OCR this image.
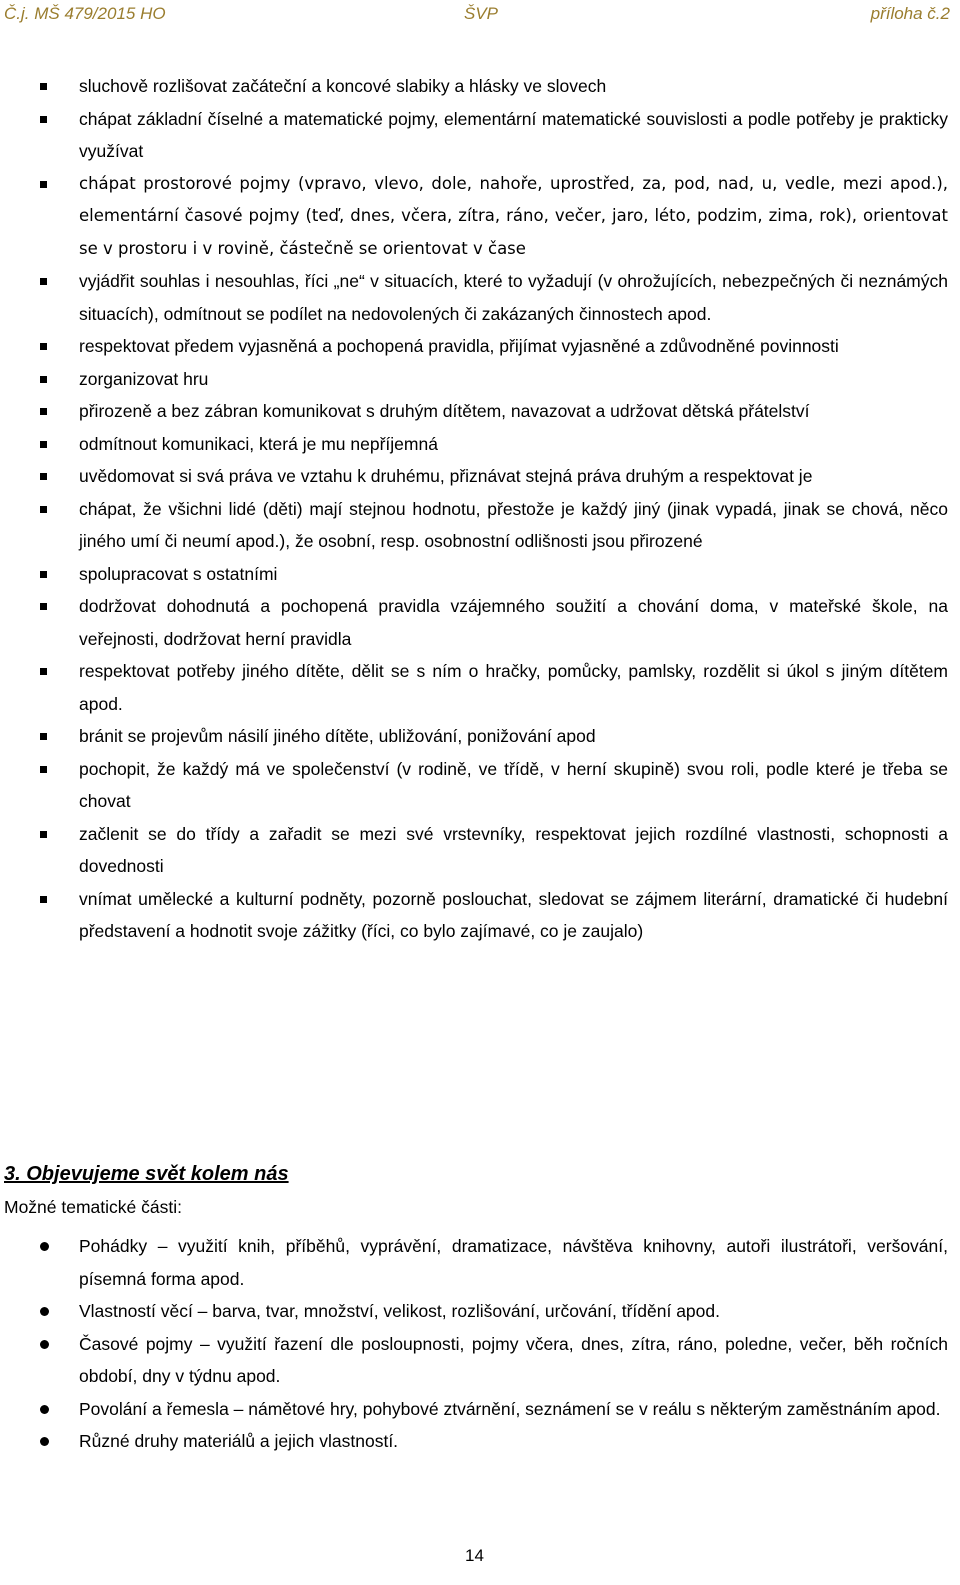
Č.j. MŠ 479/2015 HO	ŠVP	příloha č.2
sluchově rozlišovat začáteční a koncové slabiky a hlásky ve slovech
chápat základní číselné a matematické pojmy, elementární matematické souvislosti a podle potřeby je prakticky využívat
chápat prostorové pojmy (vpravo, vlevo, dole, nahoře, uprostřed, za, pod, nad, u, vedle, mezi apod.), elementární časové pojmy (teď, dnes, včera, zítra, ráno, večer, jaro, léto, podzim, zima, rok), orientovat se v prostoru i v rovině, částečně se orientovat v čase
vyjádřit souhlas i nesouhlas, říci „ne“ v situacích, které to vyžadují (v ohrožujících, nebezpečných či neznámých situacích), odmítnout se podílet na nedovolených či zakázaných činnostech apod.
respektovat předem vyjasněná a pochopená pravidla, přijímat vyjasněné a zdůvodněné povinnosti
zorganizovat hru
přirozeně a bez zábran komunikovat s druhým dítětem, navazovat a udržovat dětská přátelství
odmítnout komunikaci, která je mu nepříjemná
uvědomovat si svá práva ve vztahu k druhému, přiznávat stejná práva druhým a respektovat je
chápat, že všichni lidé (děti) mají stejnou hodnotu, přestože je každý jiný (jinak vypadá, jinak se chová, něco jiného umí či neumí apod.), že osobní, resp. osobnostní odlišnosti jsou přirozené
spolupracovat s ostatními
dodržovat dohodnutá a pochopená pravidla vzájemného soužití a chování doma, v mateřské škole, na veřejnosti, dodržovat herní pravidla
respektovat potřeby jiného dítěte, dělit se s ním o hračky, pomůcky, pamlsky, rozdělit si úkol s jiným dítětem apod.
bránit se projevům násilí jiného dítěte, ubližování, ponižování apod
pochopit, že každý má ve společenství (v rodině, ve třídě, v herní skupině) svou roli, podle které je třeba se chovat
začlenit se do třídy a zařadit se mezi své vrstevníky, respektovat jejich rozdílné vlastnosti, schopnosti a dovednosti
vnímat umělecké a kulturní podněty, pozorně poslouchat, sledovat se zájmem literární, dramatické či hudební představení a hodnotit svoje zážitky (říci, co bylo zajímavé, co je zaujalo)
3. Objevujeme svět kolem nás

Možné tematické části:

Pohádky – využití knih, příběhů, vyprávění, dramatizace, návštěva knihovny, autoři ilustrátoři, veršování, písemná forma apod.
Vlastností věcí – barva, tvar, množství, velikost, rozlišování, určování, třídění apod.
Časové pojmy – využití řazení dle posloupnosti, pojmy včera, dnes, zítra, ráno, poledne, večer, běh ročních období, dny v týdnu apod.
Povolání a řemesla – námětové hry, pohybové ztvárnění, seznámení se v reálu s některým zaměstnáním apod.
Různé druhy materiálů a jejich vlastností.

14
